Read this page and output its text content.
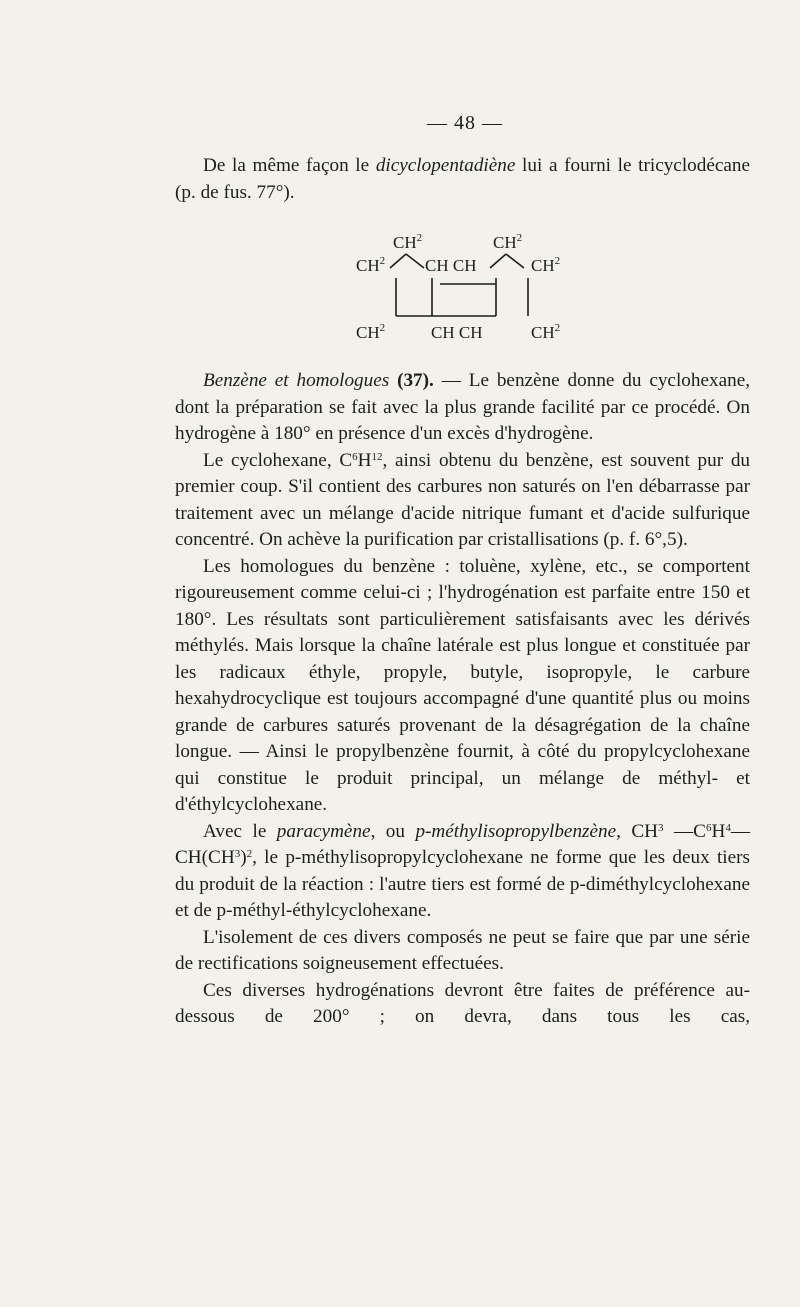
— 48 —

De la même façon le dicyclopentadiène lui a fourni le tricyclodécane (p. de fus. 77°).

$CH^2$	$CH^2$
$CH^2$ CH CH	$CH^2$
$CH^2$	CH CH	$CH^2$

Benzène et homologues (37). — Le benzène donne du cyclohexane, dont la préparation se fait avec la plus grande facilité par ce procédé. On hydrogène à 180° en présence d'un excès d'hydrogène.

Le cyclohexane, $C^6H^{12}$, ainsi obtenu du benzène, est souvent pur du premier coup. S'il contient des carbures non saturés on l'en débarrasse par traitement avec un mélange d'acide nitrique fumant et d'acide sulfurique concentré. On achève la purification par cristallisations (p. f. 6°,5).

Les homologues du benzène : toluène, xylène, etc., se comportent rigoureusement comme celui-ci ; l'hydrogénation est parfaite entre 150 et 180°. Les résultats sont particulièrement satisfaisants avec les dérivés méthylés. Mais lorsque la chaîne latérale est plus longue et constituée par les radicaux éthyle, propyle, butyle, isopropyle, le carbure hexahydrocyclique est toujours accompagné d'une quantité plus ou moins grande de carbures saturés provenant de la désagrégation de la chaîne longue. — Ainsi le propylbenzène fournit, à côté du propylcyclohexane qui constitue le produit principal, un mélange de méthyl- et d'éthylcyclohexane.

Avec le paracymène, ou p-méthylisopropylbenzène, $CH^3$ $—C^6H^4—CH(CH^3)^2$, le p-méthylisopropylcyclohexane ne forme que les deux tiers du produit de la réaction : l'autre tiers est formé de p-diméthylcyclohexane et de p-méthyl-éthylcyclohexane.

L'isolement de ces divers composés ne peut se faire que par une série de rectifications soigneusement effectuées.

Ces diverses hydrogénations devront être faites de préférence au-dessous de 200° ; on devra, dans tous les cas,
